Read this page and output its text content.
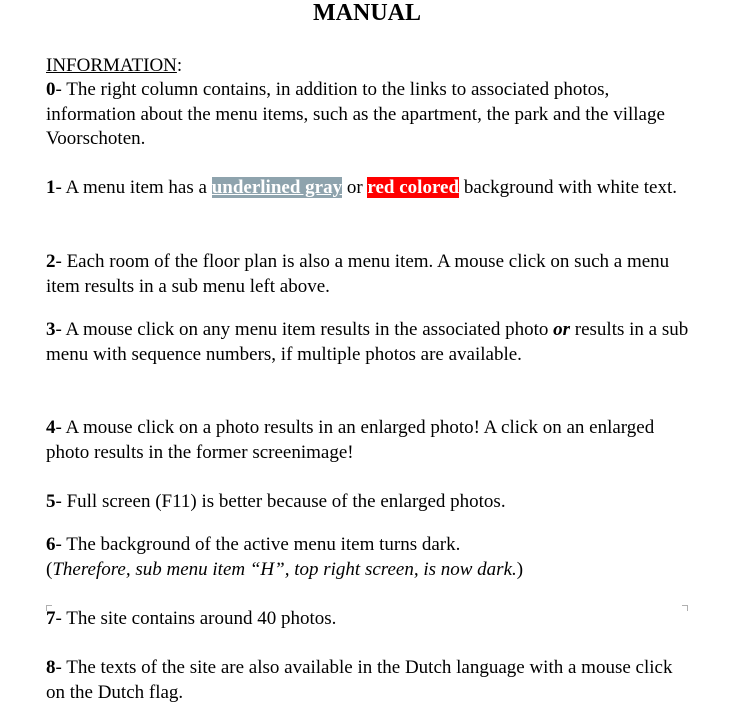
MANUAL
INFORMATION:
0- The right column contains, in addition to the links to associated photos, information about the menu items, such as the apartment, the park and the village Voorschoten.
1- A menu item has a underlined gray or red colored background with white text.
2- Each room of the floor plan is also a menu item. A mouse click on such a menu item results in a sub menu left above.
3- A mouse click on any menu item results in the associated photo or results in a sub menu with sequence numbers, if multiple photos are available.
4- A mouse click on a photo results in an enlarged photo! A click on an enlarged photo results in the former screenimage!
5- Full screen (F11) is better because of the enlarged photos.
6- The background of the active menu item turns dark.
(Therefore, sub menu item “H”, top right screen, is now dark.)
7- The site contains around 40 photos.
8- The texts of the site are also available in the Dutch language with a mouse click on the Dutch flag.
